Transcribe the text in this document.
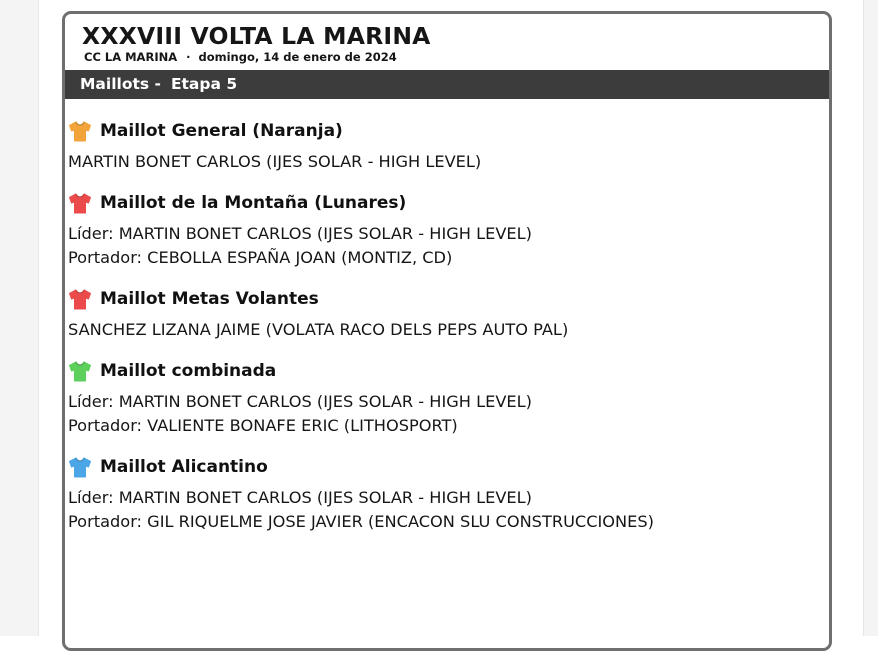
XXXVIII VOLTA LA MARINA
CC LA MARINA · domingo, 14 de enero de 2024
Maillots - Etapa 5
Maillot General (Naranja)
MARTIN BONET CARLOS (IJES SOLAR - HIGH LEVEL)
Maillot de la Montaña (Lunares)
Líder: MARTIN BONET CARLOS (IJES SOLAR - HIGH LEVEL)
Portador: CEBOLLA ESPAÑA JOAN (MONTIZ, CD)
Maillot Metas Volantes
SANCHEZ LIZANA JAIME (VOLATA RACO DELS PEPS AUTO PAL)
Maillot combinada
Líder: MARTIN BONET CARLOS (IJES SOLAR - HIGH LEVEL)
Portador: VALIENTE BONAFE ERIC (LITHOSPORT)
Maillot Alicantino
Líder: MARTIN BONET CARLOS (IJES SOLAR - HIGH LEVEL)
Portador: GIL RIQUELME JOSE JAVIER (ENCACON SLU CONSTRUCCIONES)
